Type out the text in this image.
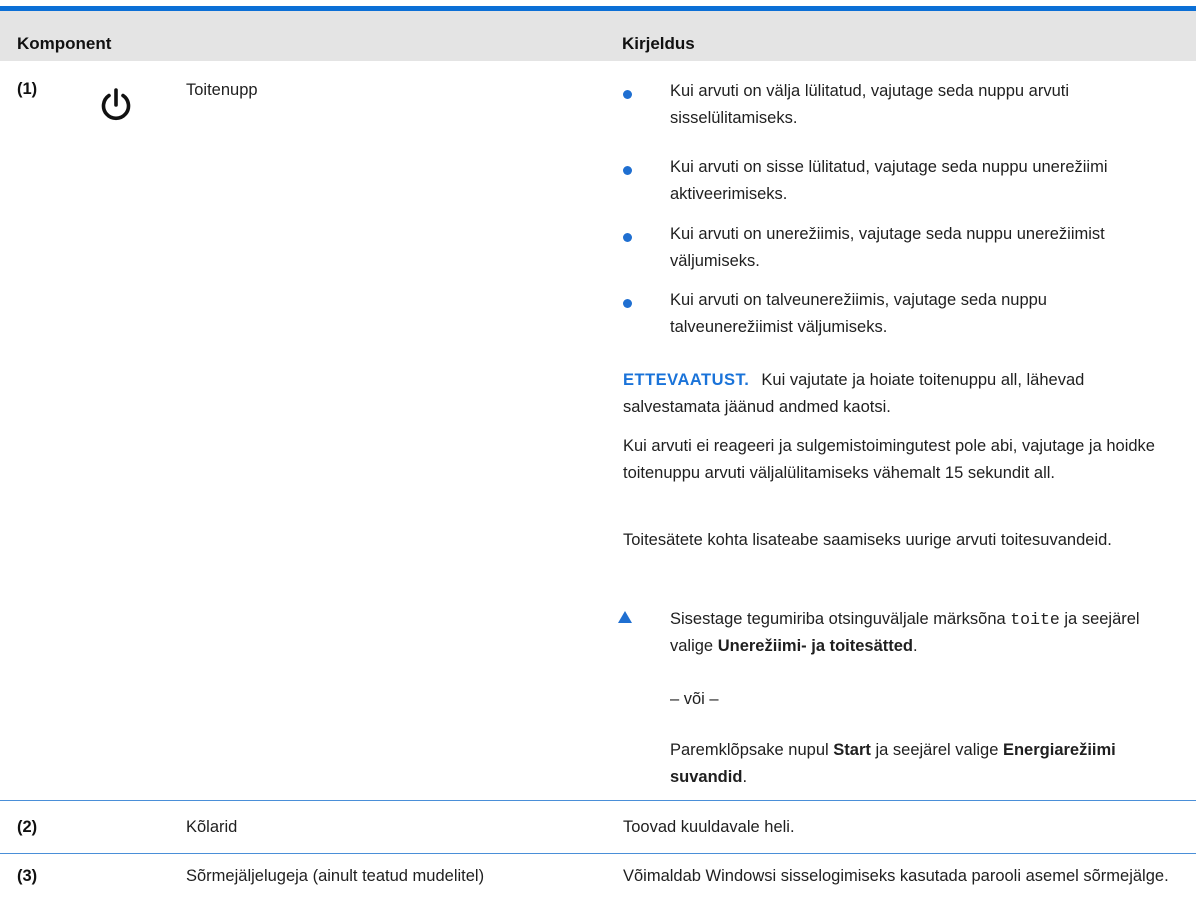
Komponent	Kirjeldus
(1)	Toitenupp	Kui arvuti on välja lülitatud, vajutage seda nuppu arvuti sisselülitamiseks.
Kui arvuti on sisse lülitatud, vajutage seda nuppu unerežiimi aktiveerimiseks.
Kui arvuti on unerežiimis, vajutage seda nuppu unerežiimist väljumiseks.
Kui arvuti on talveunerežiimis, vajutage seda nuppu talveunerežiimist väljumiseks.
ETTEVAATUST. Kui vajutate ja hoiate toitenuppu all, lähevad salvestamata jäänud andmed kaotsi.
Kui arvuti ei reageeri ja sulgemistoimingutest pole abi, vajutage ja hoidke toitenuppu arvuti väljalülitamiseks vähemalt 15 sekundit all.
Toitesätete kohta lisateabe saamiseks uurige arvuti toitesuvandeid.
Sisestage tegumiriba otsinguväljale märksõna toite ja seejärel valige Unerežiimi- ja toitesätted.
– või –
Paremklõpsake nupul Start ja seejärel valige Energiarežiimi suvandid.
(2)	Kõlarid	Toovad kuuldavale heli.
(3)	Sõrmejäljelugeja (ainult teatud mudelitel)	Võimaldab Windowsi sisselogimiseks kasutada parooli asemel sõrmejälge.
